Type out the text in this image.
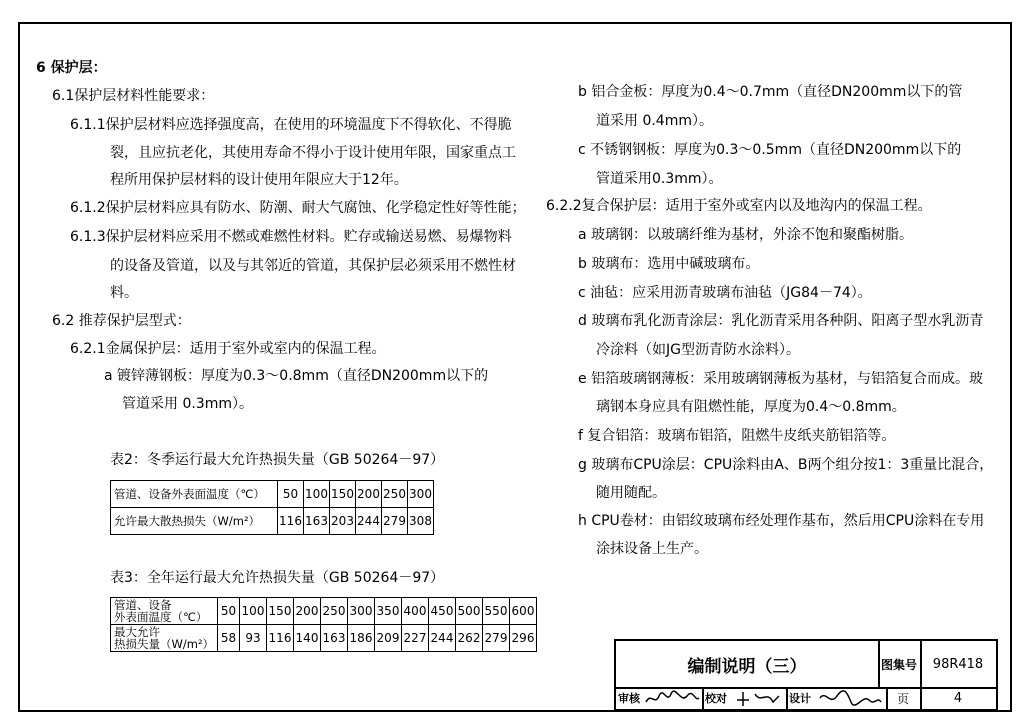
6 保护层：
6.1保护层材料性能要求：
6.1.1保护层材料应选择强度高，在使用的环境温度下不得软化、不得脆
裂，且应抗老化，其使用寿命不得小于设计使用年限，国家重点工
程所用保护层材料的设计使用年限应大于12年。
6.1.2保护层材料应具有防水、防潮、耐大气腐蚀、化学稳定性好等性能；
6.1.3保护层材料应采用不燃或难燃性材料。贮存或输送易燃、易爆物料
的设备及管道，以及与其邻近的管道，其保护层必须采用不燃性材
料。
6.2 推荐保护层型式：
6.2.1金属保护层：适用于室外或室内的保温工程。
a 镀锌薄钢板：厚度为0.3～0.8mm（直径DN200mm以下的
管道采用 0.3mm）。
表2：冬季运行最大允许热损失量（GB 50264－97）
管道、设备外表面温度（℃）	50	100	150	200	250	300
允许最大散热损失（W/m²）	116	163	203	244	279	308
表3：全年运行最大允许热损失量（GB 50264－97）
管道、设备
外表面温度（℃）	50	100	150	200	250	300	350	400	450	500	550	600

最大允许
热损失量（W/m²）	58	93	116	140	163	186	209	227	244	262	279	296
b 铝合金板：厚度为0.4～0.7mm（直径DN200mm以下的管
道采用 0.4mm）。
c 不锈钢钢板：厚度为0.3～0.5mm（直径DN200mm以下的
管道采用0.3mm）。
6.2.2复合保护层：适用于室外或室内以及地沟内的保温工程。
a 玻璃钢：以玻璃纤维为基材，外涂不饱和聚酯树脂。
b 玻璃布：选用中碱玻璃布。
c 油毡：应采用沥青玻璃布油毡（JG84－74）。
d 玻璃布乳化沥青涂层：乳化沥青采用各种阴、阳离子型水乳沥青
冷涂料（如JG型沥青防水涂料）。
e 铝箔玻璃钢薄板：采用玻璃钢薄板为基材，与铝箔复合而成。玻
璃钢本身应具有阻燃性能，厚度为0.4～0.8mm。
f 复合铝箔：玻璃布铝箔，阻燃牛皮纸夹筋铝箔等。
g 玻璃布CPU涂层：CPU涂料由A、B两个组分按1：3重量比混合，
随用随配。
h CPU卷材：由铝纹玻璃布经处理作基布，然后用CPU涂料在专用
涂抹设备上生产。
编制说明（三）	图集号	98R418
审核	校对	设计	页	4
